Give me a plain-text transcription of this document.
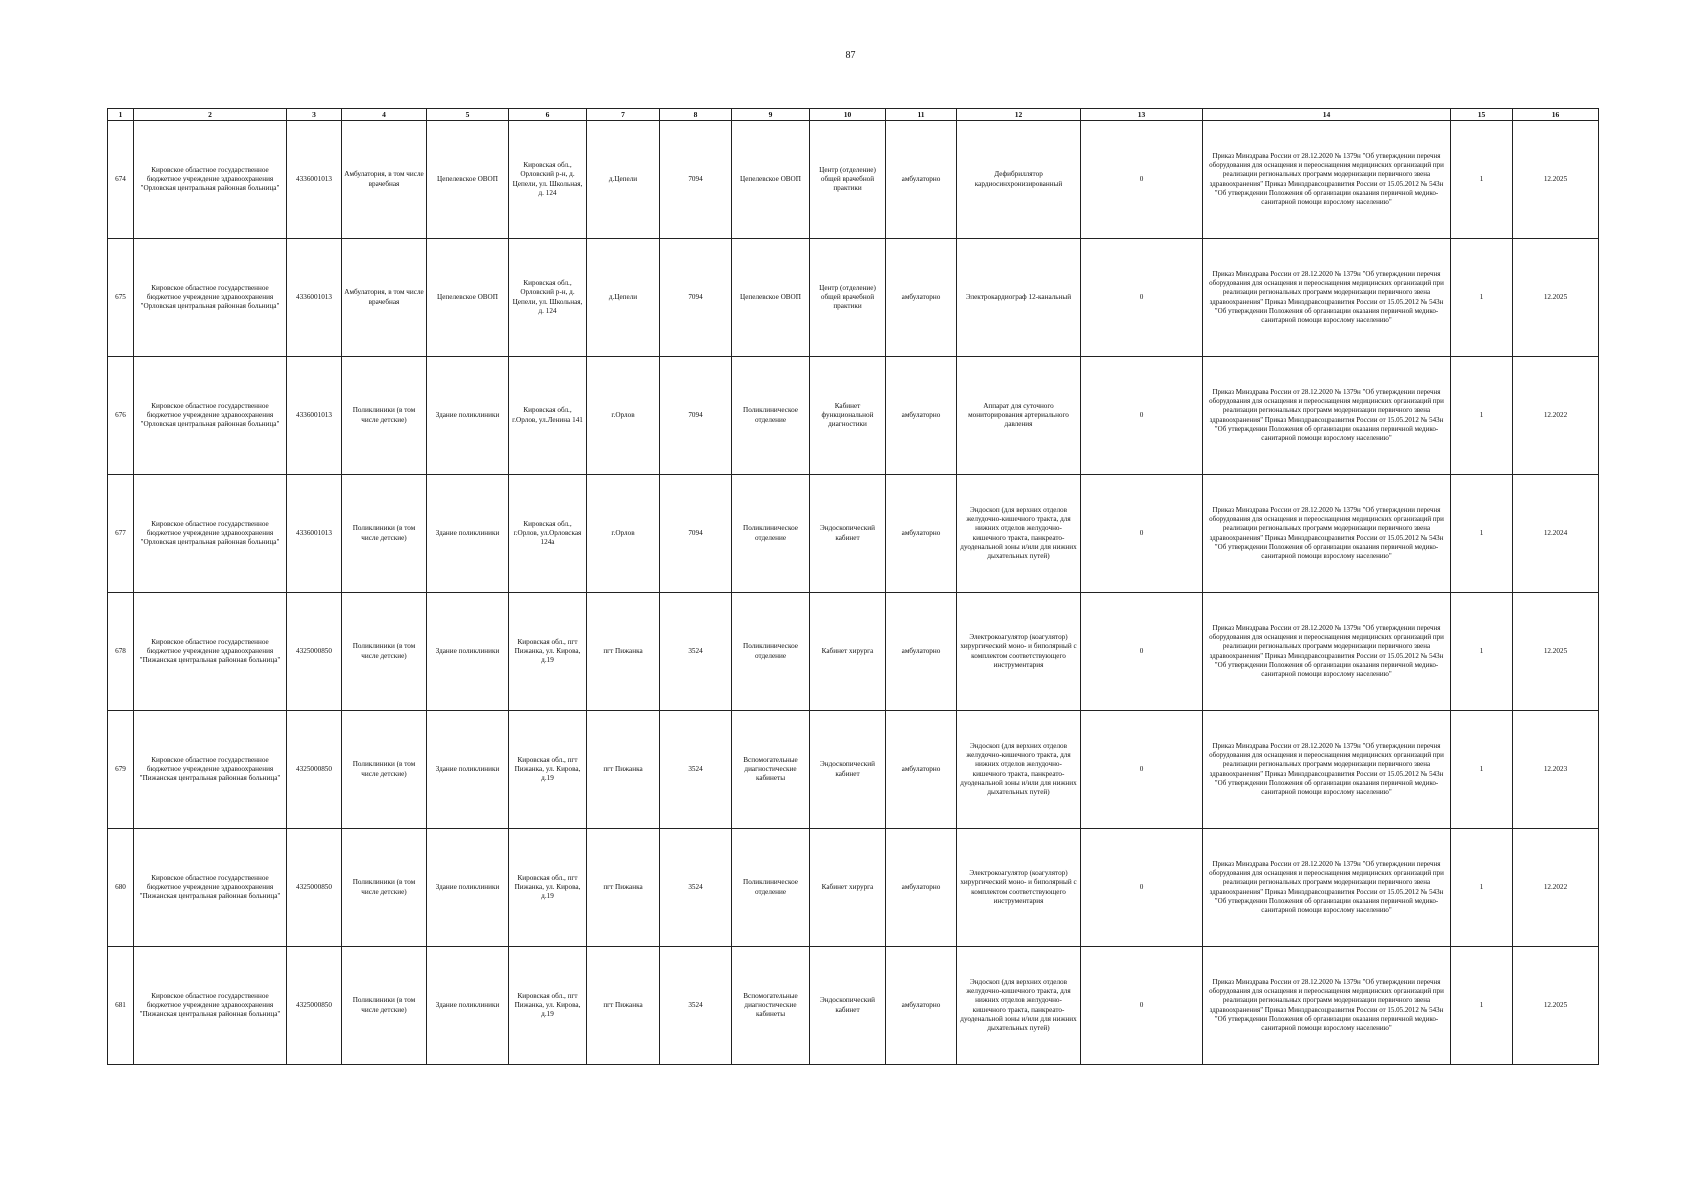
87
1	2	3	4	5	6	7	8	9	10	11	12	13	14	15	16
674	Кировское областное государственное бюджетное учреждение здравоохранения "Орловская центральная районная больница"	4336001013	Амбулатория, в том числе врачебная	Цепелевское ОВОП	Кировская обл., Орловский р-н, д. Цепели, ул. Школьная, д. 124	д.Цепели	7094	Цепелевское ОВОП	Центр (отделение) общей врачебной практики	амбулаторно	Дефибриллятор кардиосинхронизированный	0	Приказ Минздрава России от 28.12.2020 № 1379н "Об утверждении перечня оборудования для оснащения и переоснащения медицинских организаций при реализации региональных программ модернизации первичного звена здравоохранения" Приказ Минздравсоцразвития России от 15.05.2012 № 543н "Об утверждении Положения об организации оказания первичной медико-санитарной помощи взрослому населению"	1	12.2025
675	Кировское областное государственное бюджетное учреждение здравоохранения "Орловская центральная районная больница"	4336001013	Амбулатория, в том числе врачебная	Цепелевское ОВОП	Кировская обл., Орловский р-н, д. Цепели, ул. Школьная, д. 124	д.Цепели	7094	Цепелевское ОВОП	Центр (отделение) общей врачебной практики	амбулаторно	Электрокардиограф 12-канальный	0	Приказ Минздрава России от 28.12.2020 № 1379н "Об утверждении перечня оборудования для оснащения и переоснащения медицинских организаций при реализации региональных программ модернизации первичного звена здравоохранения" Приказ Минздравсоцразвития России от 15.05.2012 № 543н "Об утверждении Положения об организации оказания первичной медико-санитарной помощи взрослому населению"	1	12.2025
676	Кировское областное государственное бюджетное учреждение здравоохранения "Орловская центральная районная больница"	4336001013	Поликлиники (в том числе детские)	Здание поликлиники	Кировская обл., г.Орлов, ул.Ленина 141	г.Орлов	7094	Поликлиническое отделение	Кабинет функциональной диагностики	амбулаторно	Аппарат для суточного мониторирования артериального давления	0	Приказ Минздрава России от 28.12.2020 № 1379н "Об утверждении перечня оборудования для оснащения и переоснащения медицинских организаций при реализации региональных программ модернизации первичного звена здравоохранения" Приказ Минздравсоцразвития России от 15.05.2012 № 543н "Об утверждении Положения об организации оказания первичной медико-санитарной помощи взрослому населению"	1	12.2022
677	Кировское областное государственное бюджетное учреждение здравоохранения "Орловская центральная районная больница"	4336001013	Поликлиники (в том числе детские)	Здание поликлиники	Кировская обл., г.Орлов, ул.Орловская 124а	г.Орлов	7094	Поликлиническое отделение	Эндоскопический кабинет	амбулаторно	Эндоскоп (для верхних отделов желудочно-кишечного тракта, для нижних отделов желудочно-кишечного тракта, панкреато-дуоденальной зоны и/или для нижних дыхательных путей)	0	Приказ Минздрава России от 28.12.2020 № 1379н "Об утверждении перечня оборудования для оснащения и переоснащения медицинских организаций при реализации региональных программ модернизации первичного звена здравоохранения" Приказ Минздравсоцразвития России от 15.05.2012 № 543н "Об утверждении Положения об организации оказания первичной медико-санитарной помощи взрослому населению"	1	12.2024
678	Кировское областное государственное бюджетное учреждение здравоохранения "Пижанская центральная районная больница"	4325000850	Поликлиники (в том числе детские)	Здание поликлиники	Кировская обл., пгт Пижанка, ул. Кирова, д.19	пгт Пижанка	3524	Поликлиническое отделение	Кабинет хирурга	амбулаторно	Электрокоагулятор (коагулятор) хирургический моно- и биполярный с комплектом соответствующего инструментария	0	Приказ Минздрава России от 28.12.2020 № 1379н "Об утверждении перечня оборудования для оснащения и переоснащения медицинских организаций при реализации региональных программ модернизации первичного звена здравоохранения" Приказ Минздравсоцразвития России от 15.05.2012 № 543н "Об утверждении Положения об организации оказания первичной медико-санитарной помощи взрослому населению"	1	12.2025
679	Кировское областное государственное бюджетное учреждение здравоохранения "Пижанская центральная районная больница"	4325000850	Поликлиники (в том числе детские)	Здание поликлиники	Кировская обл., пгт Пижанка, ул. Кирова, д.19	пгт Пижанка	3524	Вспомогательные диагностические кабинеты	Эндоскопический кабинет	амбулаторно	Эндоскоп (для верхних отделов желудочно-кишечного тракта, для нижних отделов желудочно-кишечного тракта, панкреато-дуоденальной зоны и/или для нижних дыхательных путей)	0	Приказ Минздрава России от 28.12.2020 № 1379н "Об утверждении перечня оборудования для оснащения и переоснащения медицинских организаций при реализации региональных программ модернизации первичного звена здравоохранения" Приказ Минздравсоцразвития России от 15.05.2012 № 543н "Об утверждении Положения об организации оказания первичной медико-санитарной помощи взрослому населению"	1	12.2023
680	Кировское областное государственное бюджетное учреждение здравоохранения "Пижанская центральная районная больница"	4325000850	Поликлиники (в том числе детские)	Здание поликлиники	Кировская обл., пгт Пижанка, ул. Кирова, д.19	пгт Пижанка	3524	Поликлиническое отделение	Кабинет хирурга	амбулаторно	Электрокоагулятор (коагулятор) хирургический моно- и биполярный с комплектом соответствующего инструментария	0	Приказ Минздрава России от 28.12.2020 № 1379н "Об утверждении перечня оборудования для оснащения и переоснащения медицинских организаций при реализации региональных программ модернизации первичного звена здравоохранения" Приказ Минздравсоцразвития России от 15.05.2012 № 543н "Об утверждении Положения об организации оказания первичной медико-санитарной помощи взрослому населению"	1	12.2022
681	Кировское областное государственное бюджетное учреждение здравоохранения "Пижанская центральная районная больница"	4325000850	Поликлиники (в том числе детские)	Здание поликлиники	Кировская обл., пгт Пижанка, ул. Кирова, д.19	пгт Пижанка	3524	Вспомогательные диагностические кабинеты	Эндоскопический кабинет	амбулаторно	Эндоскоп (для верхних отделов желудочно-кишечного тракта, для нижних отделов желудочно-кишечного тракта, панкреато-дуоденальной зоны и/или для нижних дыхательных путей)	0	Приказ Минздрава России от 28.12.2020 № 1379н "Об утверждении перечня оборудования для оснащения и переоснащения медицинских организаций при реализации региональных программ модернизации первичного звена здравоохранения" Приказ Минздравсоцразвития России от 15.05.2012 № 543н "Об утверждении Положения об организации оказания первичной медико-санитарной помощи взрослому населению"	1	12.2025
